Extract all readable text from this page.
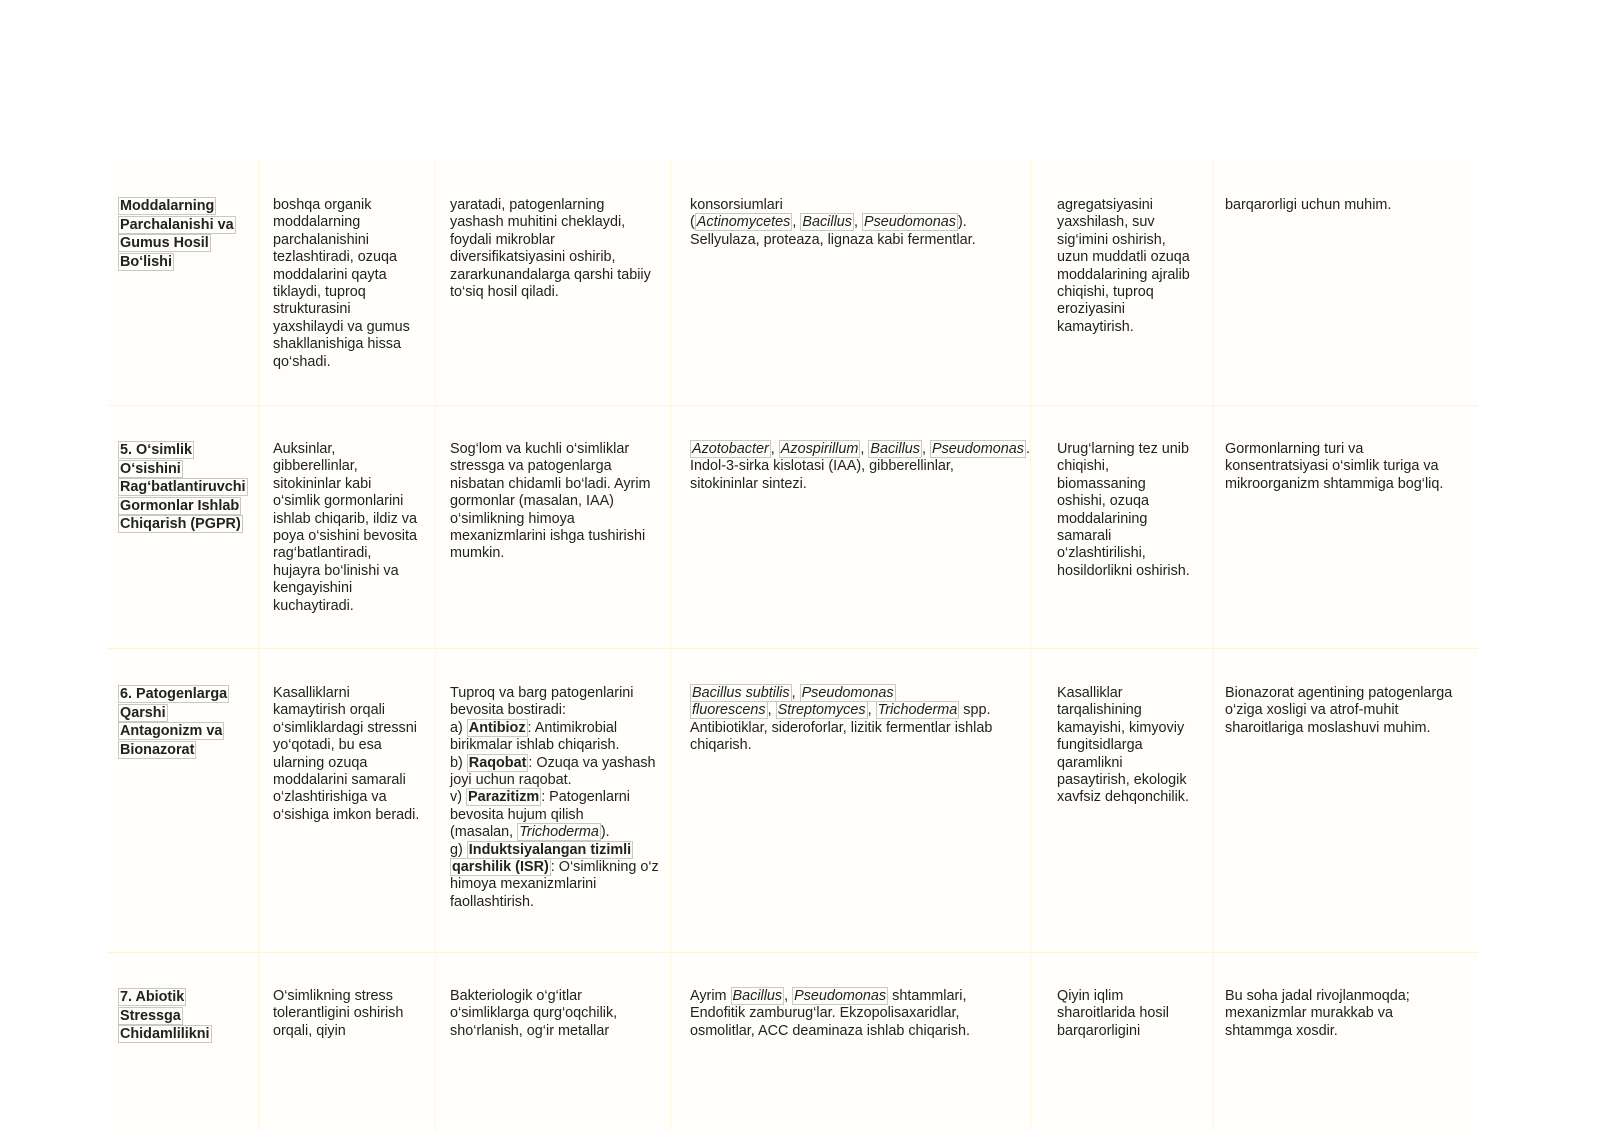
Moddalarning
Parchalanishi va
Gumus Hosil
Bo‘lishi
boshqa organik
moddalarning
parchalanishini
tezlashtiradi, ozuqa
moddalarini qayta
tiklaydi, tuproq
strukturasini
yaxshilaydi va gumus
shakllanishiga hissa
qo‘shadi.
yaratadi, patogenlarning
yashash muhitini cheklaydi,
foydali mikroblar
diversifikatsiyasini oshirib,
zararkunandalarga qarshi tabiiy
to‘siq hosil qiladi.
konsorsiumlari
( Actinomycetes , Bacillus , Pseudomonas ).
Sellyulaza, proteaza, lignaza kabi fermentlar.
agregatsiyasini
yaxshilash, suv
sig‘imini oshirish,
uzun muddatli ozuqa
moddalarining ajralib
chiqishi, tuproq
eroziyasini
kamaytirish.
barqarorligi uchun muhim.
5. O‘simlik
O‘sishini
Rag‘batlantiruvchi
Gormonlar Ishlab
Chiqarish (PGPR)
Auksinlar,
gibberellinlar,
sitokininlar kabi
o‘simlik gormonlarini
ishlab chiqarib, ildiz va
poya o‘sishini bevosita
rag‘batlantiradi,
hujayra bo‘linishi va
kengayishini
kuchaytiradi.
Sog‘lom va kuchli o‘simliklar
stressga va patogenlarga
nisbatan chidamli bo‘ladi. Ayrim
gormonlar (masalan, IAA)
o‘simlikning himoya
mexanizmlarini ishga tushirishi
mumkin.
Azotobacter , Azospirillum , Bacillus , Pseudomonas .
Indol-3-sirka kislotasi (IAA), gibberellinlar,
sitokininlar sintezi.
Urug‘larning tez unib
chiqishi,
biomassaning
oshishi, ozuqa
moddalarining
samarali
o‘zlashtirilishi,
hosildorlikni oshirish.
Gormonlarning turi va
konsentratsiyasi o‘simlik turiga va
mikroorganizm shtammiga bog‘liq.
6. Patogenlarga
Qarshi
Antagonizm va
Bionazorat
Kasalliklarni
kamaytirish orqali
o‘simliklardagi stressni
yo‘qotadi, bu esa
ularning ozuqa
moddalarini samarali
o‘zlashtirishiga va
o‘sishiga imkon beradi.
Tuproq va barg patogenlarini
bevosita bostiradi:
a) Antibioz : Antimikrobial
birikmalar ishlab chiqarish.
b) Raqobat : Ozuqa va yashash
joyi uchun raqobat.
v) Parazitizm : Patogenlarni
bevosita hujum qilish
(masalan, Trichoderma ).
g) Induktsiyalangan tizimli
qarshilik (ISR) : O‘simlikning o‘z
himoya mexanizmlarini
faollashtirish.
Bacillus subtilis , Pseudomonas
fluorescens , Streptomyces , Trichoderma spp.
Antibiotiklar, sideroforlar, lizitik fermentlar ishlab
chiqarish.
Kasalliklar
tarqalishining
kamayishi, kimyoviy
fungitsidlarga
qaramlikni
pasaytirish, ekologik
xavfsiz dehqonchilik.
Bionazorat agentining patogenlarga
o‘ziga xosligi va atrof-muhit
sharoitlariga moslashuvi muhim.
7. Abiotik
Stressga
Chidamlilikni
O‘simlikning stress
tolerantligini oshirish
orqali, qiyin
Bakteriologik o‘g‘itlar
o‘simliklarga qurg‘oqchilik,
sho‘rlanish, og‘ir metallar
Ayrim Bacillus , Pseudomonas shtammlari,
Endofitik zamburug‘lar. Ekzopolisaxaridlar,
osmolitlar, ACC deaminaza ishlab chiqarish.
Qiyin iqlim
sharoitlarida hosil
barqarorligini
Bu soha jadal rivojlanmoqda;
mexanizmlar murakkab va
shtammga xosdir.
